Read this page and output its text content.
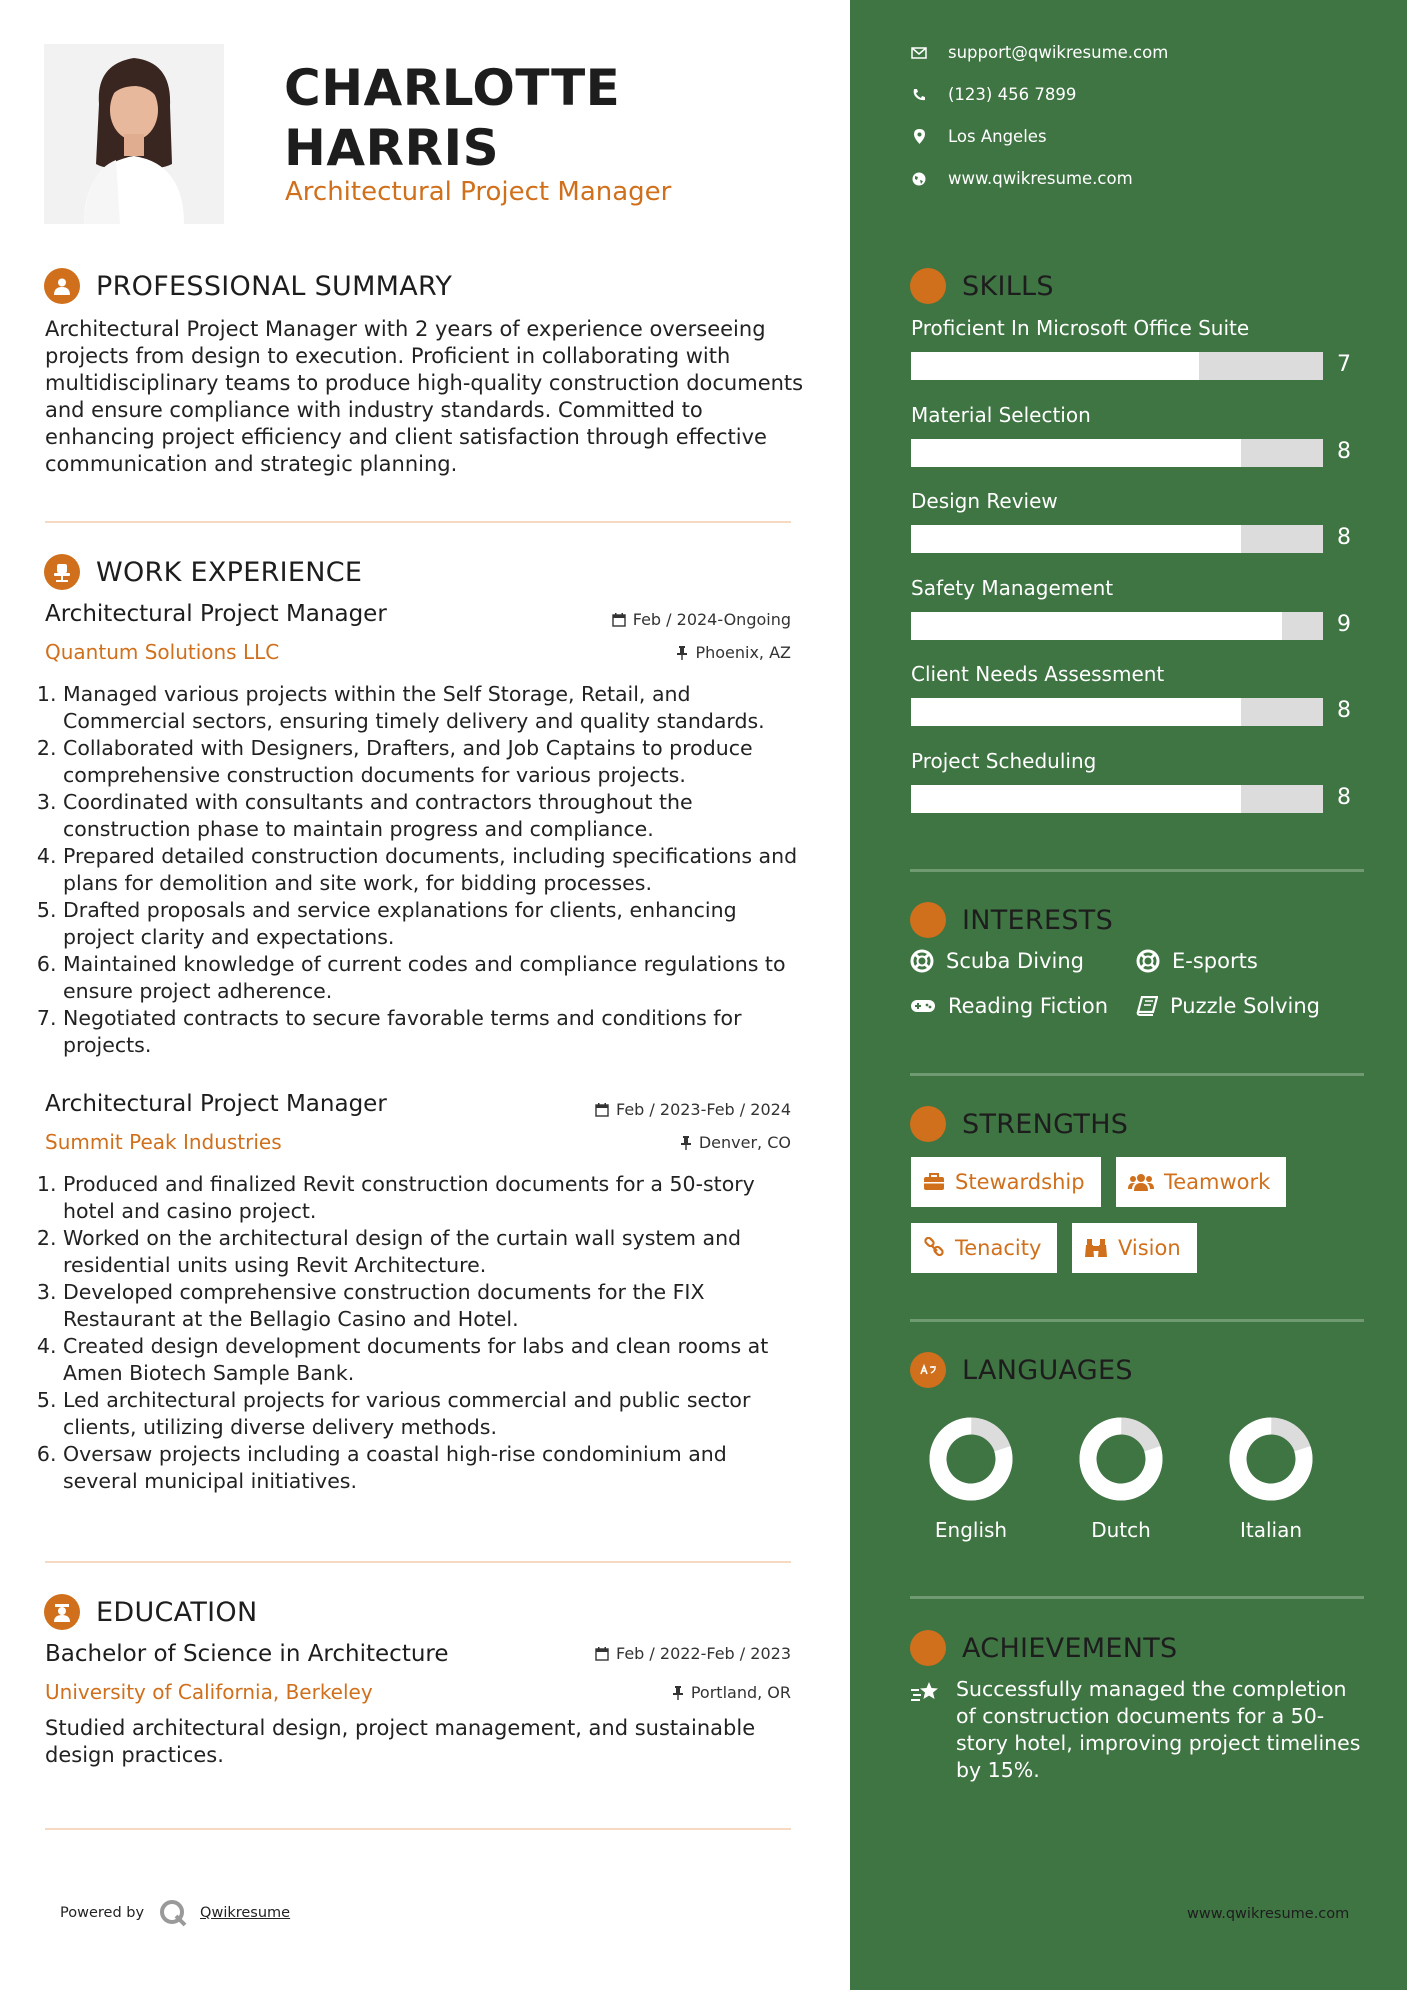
CHARLOTTE
HARRIS
Architectural Project Manager
PROFESSIONAL SUMMARY
Architectural Project Manager with 2 years of experience overseeing projects from design to execution. Proficient in collaborating with multidisciplinary teams to produce high-quality construction documents and ensure compliance with industry standards. Committed to enhancing project efficiency and client satisfaction through effective communication and strategic planning.
WORK EXPERIENCE
Architectural Project Manager
Quantum Solutions LLC
Feb / 2024-Ongoing
Phoenix, AZ
1. Managed various projects within the Self Storage, Retail, and Commercial sectors, ensuring timely delivery and quality standards.
2. Collaborated with Designers, Drafters, and Job Captains to produce comprehensive construction documents for various projects.
3. Coordinated with consultants and contractors throughout the construction phase to maintain progress and compliance.
4. Prepared detailed construction documents, including specifications and plans for demolition and site work, for bidding processes.
5. Drafted proposals and service explanations for clients, enhancing project clarity and expectations.
6. Maintained knowledge of current codes and compliance regulations to ensure project adherence.
7. Negotiated contracts to secure favorable terms and conditions for projects.
Architectural Project Manager
Summit Peak Industries
Feb / 2023-Feb / 2024
Denver, CO
1. Produced and finalized Revit construction documents for a 50-story hotel and casino project.
2. Worked on the architectural design of the curtain wall system and residential units using Revit Architecture.
3. Developed comprehensive construction documents for the FIX Restaurant at the Bellagio Casino and Hotel.
4. Created design development documents for labs and clean rooms at Amen Biotech Sample Bank.
5. Led architectural projects for various commercial and public sector clients, utilizing diverse delivery methods.
6. Oversaw projects including a coastal high-rise condominium and several municipal initiatives.
EDUCATION
Bachelor of Science in Architecture
University of California, Berkeley
Feb / 2022-Feb / 2023
Portland, OR
Studied architectural design, project management, and sustainable design practices.
Powered by	Qwikresume
support@qwikresume.com
(123) 456 7899
Los Angeles
www.qwikresume.com
SKILLS
Proficient In Microsoft Office Suite
7
Material Selection
8
Design Review
8
Safety Management
9
Client Needs Assessment
8
Project Scheduling
8
INTERESTS
Scuba Diving	E-sports
Reading Fiction	Puzzle Solving
STRENGTHS
Stewardship	Teamwork
Tenacity	Vision
LANGUAGES
English	Dutch	Italian
ACHIEVEMENTS
Successfully managed the completion of construction documents for a 50-story hotel, improving project timelines by 15%.
www.qwikresume.com
